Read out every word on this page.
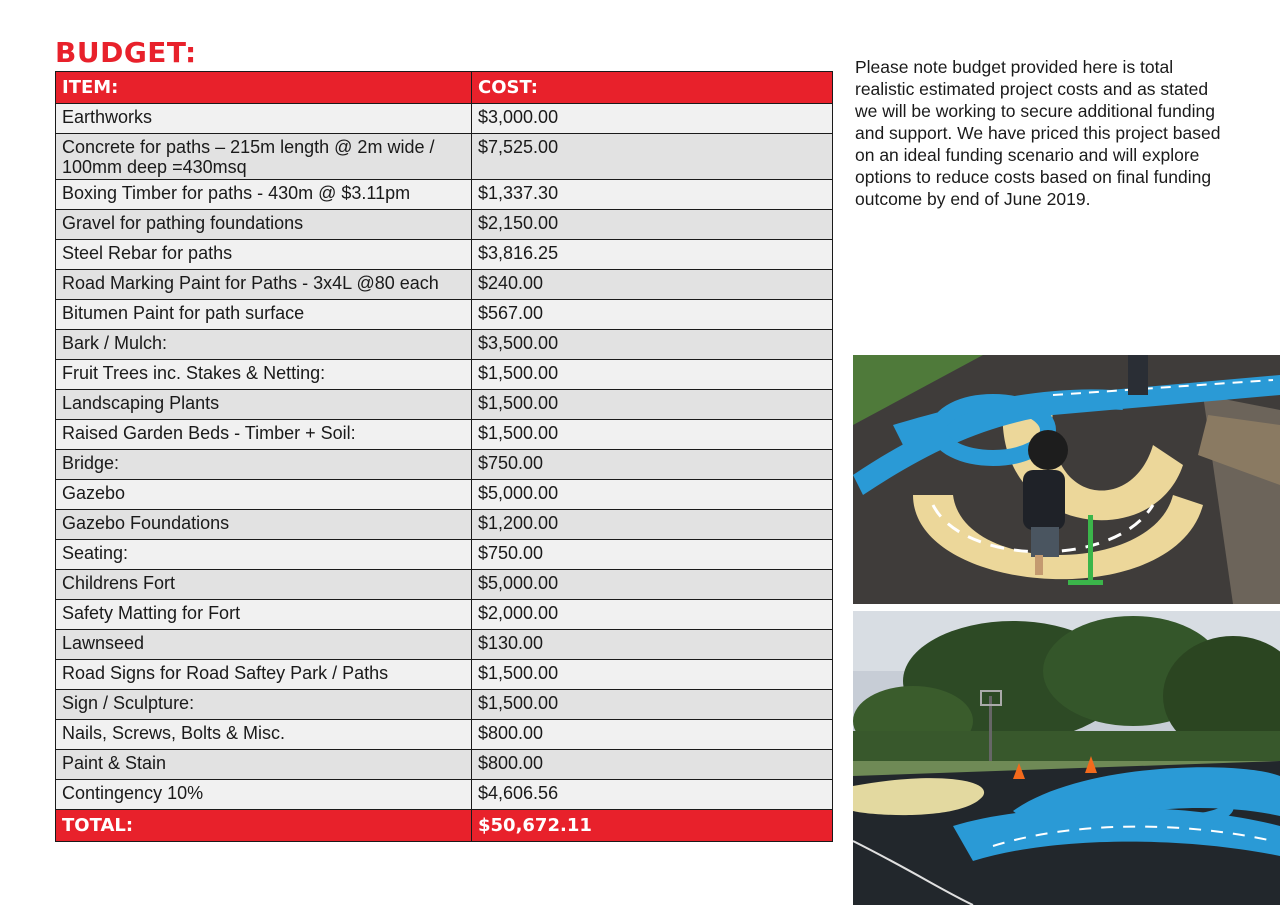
BUDGET:
ITEM:	COST:
Earthworks	$3,000.00
Concrete for paths – 215m length @ 2m wide / 100mm deep =430msq	$7,525.00
Boxing Timber for paths - 430m @ $3.11pm	$1,337.30
Gravel for pathing foundations	$2,150.00
Steel Rebar for paths	$3,816.25
Road Marking Paint for Paths - 3x4L @80 each	$240.00
Bitumen Paint for path surface	$567.00
Bark / Mulch:	$3,500.00
Fruit Trees inc. Stakes & Netting:	$1,500.00
Landscaping Plants	$1,500.00
Raised Garden Beds - Timber + Soil:	$1,500.00
Bridge:	$750.00
Gazebo	$5,000.00
Gazebo Foundations	$1,200.00
Seating:	$750.00
Childrens Fort	$5,000.00
Safety Matting for Fort	$2,000.00
Lawnseed	$130.00
Road Signs for Road Saftey Park / Paths	$1,500.00
Sign / Sculpture:	$1,500.00
Nails, Screws, Bolts & Misc.	$800.00
Paint & Stain	$800.00
Contingency 10%	$4,606.56
TOTAL:	$50,672.11

Please note budget provided here is total realistic estimated project costs and as stated we will be working to secure additional funding and support. We have priced this project based on an ideal funding scenario and will explore options to reduce costs based on final funding outcome by end of June 2019.
